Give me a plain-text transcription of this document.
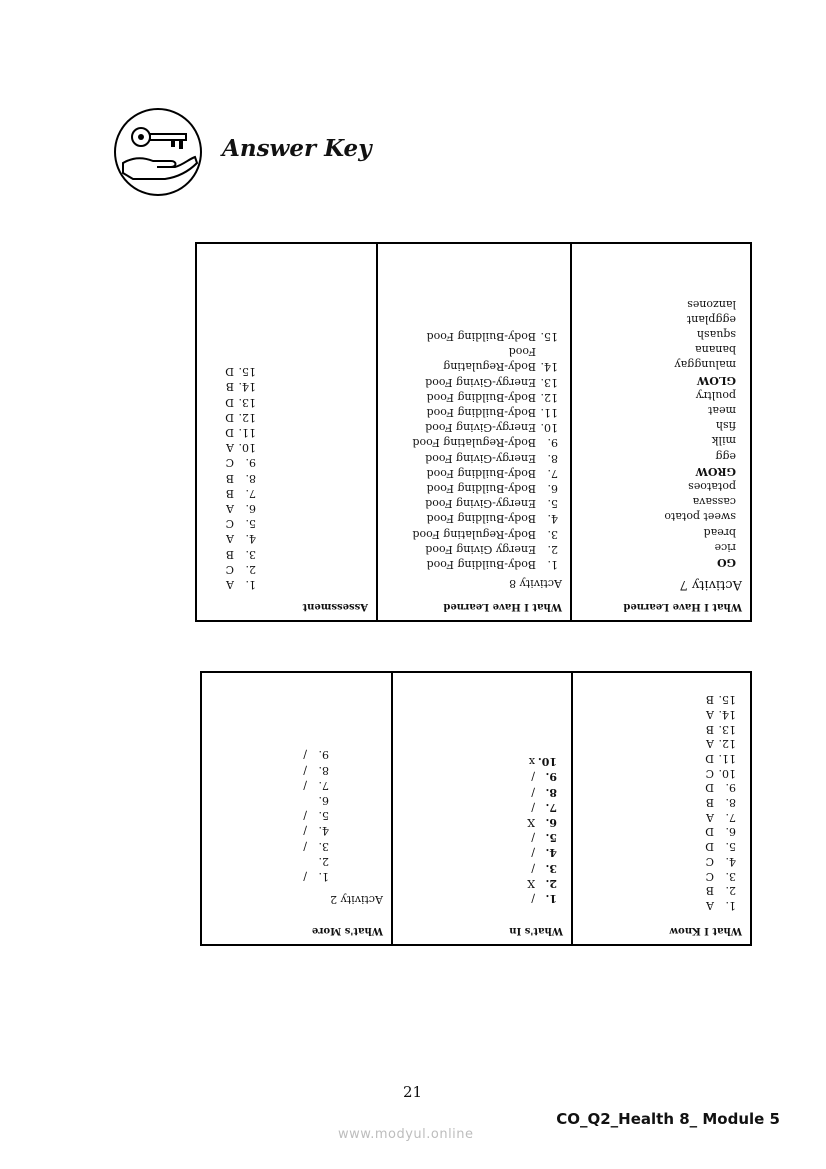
Answer Key
Assessment
1.A
2.C
3.B
4.A
5.C
6.A
7.B
8.B
9.C
10.A
11.D
12.D
13.D
14.B
15.D
What I Have Learned
Activity 8
1.Body-Building Food
2.Energy Giving Food
3.Body-Regulating Food
4.Body-Building Food
5.Energy-Giving Food
6.Body-Building Food
7.Body-Building Food
8.Energy-Giving Food
9.Body-Regulating Food
10.Energy-Giving Food
11.Body-Building Food
12.Body-Building Food
13.Energy-Giving Food
14.Body-Regulating
Food
15.Body-Building Food
What I Have Learned
Activity 7
GO
rice
bread
sweet potato
cassava
potatoes
GROW
egg
milk
fish
meat
poultry
GLOW
malunggay
banana
squash
eggplant
lanzones
What's More
Activity 2
1./
2.
3./
4./
5./
6.
7./
8./
9./
What's In
1./
2.X
3./
4./
5./
6.X
7./
8./
9./
10.x
What I Know
1.A
2.B
3.C
4.C
5.D
6.D
7.A
8.B
9.D
10.C
11.D
12.A
13.B
14.A
15.B
21
CO_Q2_Health 8_ Module 5
www.modyul.online
